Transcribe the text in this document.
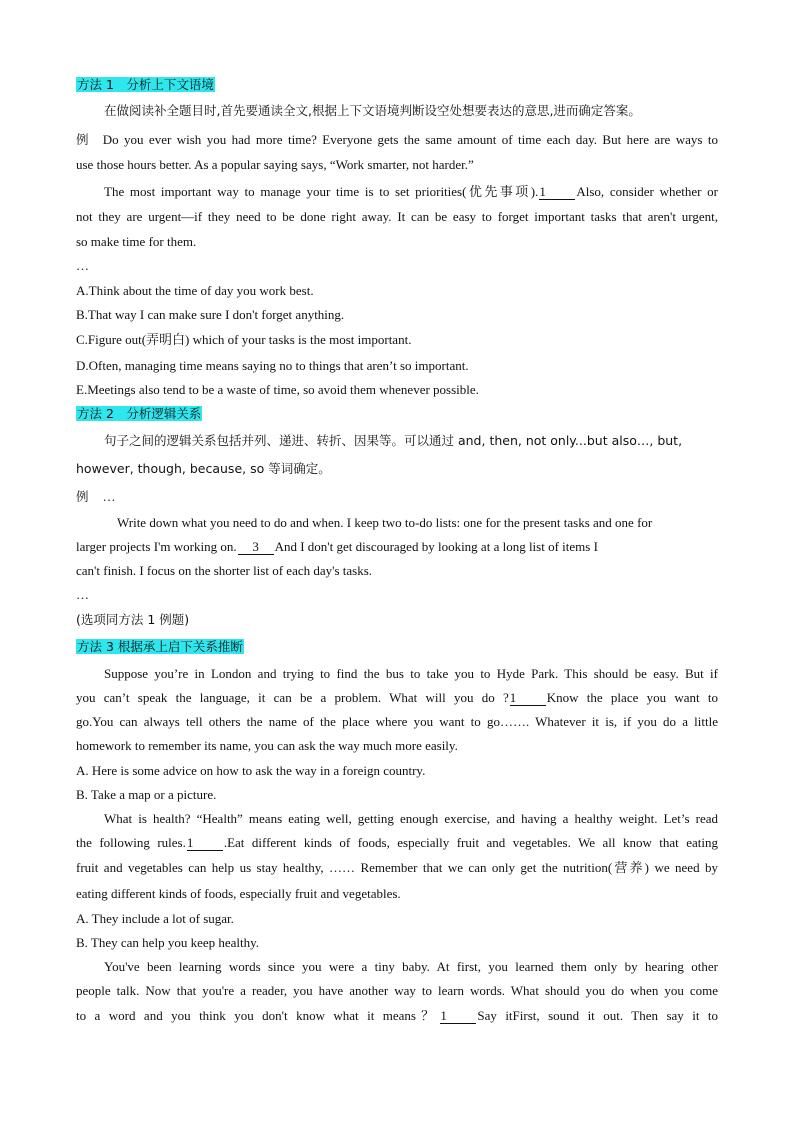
方法 1　分析上下文语境
在做阅读补全题目时,首先要通读全文,根据上下文语境判断设空处想要表达的意思,进而确定答案。
例 Do you ever wish you had more time? Everyone gets the same amount of time each day. But here are ways to
use those hours better. As a popular saying says, “Work smarter, not harder.”
The most important way to manage your time is to set priorities(优先事项).1 Also, consider whether or
not they are urgent—if they need to be done right away. It can be easy to forget important tasks that aren't urgent,
so make time for them.
…
A.Think about the time of day you work best.
B.That way I can make sure I don't forget anything.
C.Figure out(弄明白) which of your tasks is the most important.
D.Often, managing time means saying no to things that aren’t so important.
E.Meetings also tend to be a waste of time, so avoid them whenever possible.
方法 2　分析逻辑关系
句子之间的逻辑关系包括并列、递进、转折、因果等。可以通过 and, then, not only...but also…, but,
however, though, because, so 等词确定。
例 …
Write down what you need to do and when. I keep two to-do lists: one for the present tasks and one for
larger projects I'm working on. 3 And I don't get discouraged by looking at a long list of items I
can't finish. I focus on the shorter list of each day's tasks.
…
(选项同方法 1 例题)
方法 3 根据承上启下关系推断
Suppose you’re in London and trying to find the bus to take you to Hyde Park. This should be easy. But if
you can’t speak the language, it can be a problem. What will you do ?1 Know the place you want to
go.You can always tell others the name of the place where you want to go……. Whatever it is, if you do a little
homework to remember its name, you can ask the way much more easily.
A. Here is some advice on how to ask the way in a foreign country.
B. Take a map or a picture.
What is health? “Health” means eating well, getting enough exercise, and having a healthy weight. Let’s read
the following rules.1 .Eat different kinds of foods, especially fruit and vegetables. We all know that eating
fruit and vegetables can help us stay healthy, …… Remember that we can only get the nutrition(营养) we need by
eating different kinds of foods, especially fruit and vegetables.
A. They include a lot of sugar.
B. They can help you keep healthy.
You've been learning words since you were a tiny baby. At first, you learned them only by hearing other
people talk. Now that you're a reader, you have another way to learn words. What should you do when you come
to a word and you think you don't know what it means？1 Say itFirst, sound it out. Then say it to
